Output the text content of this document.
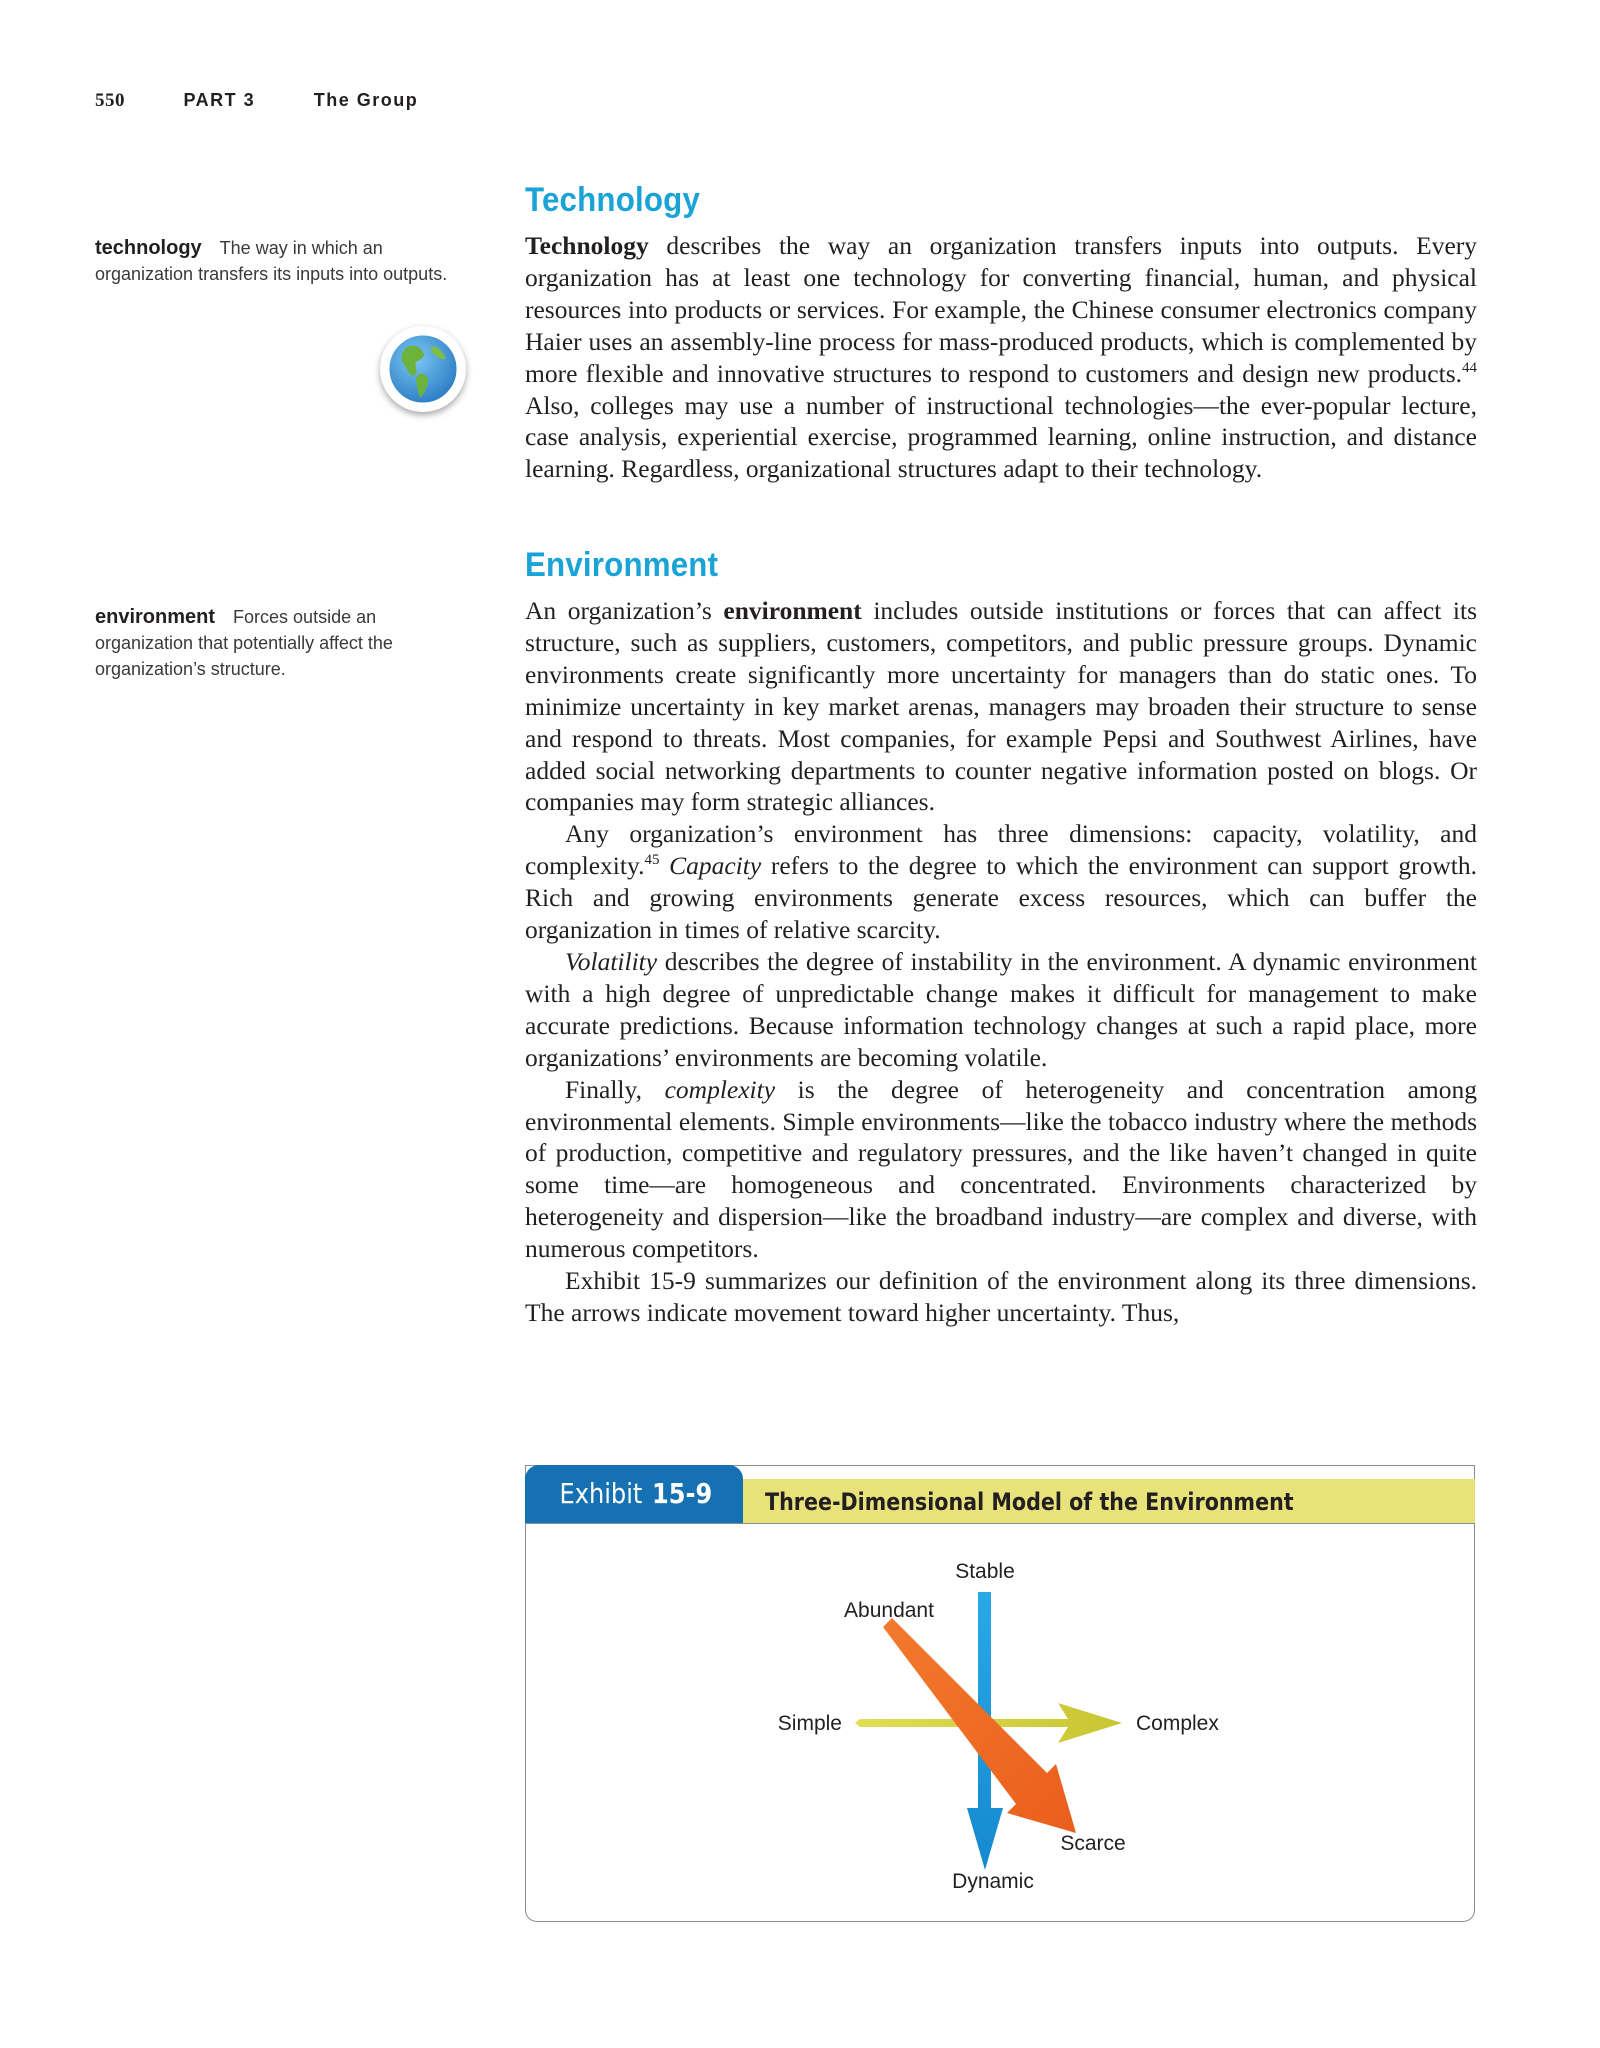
550	PART 3	The Group
technology The way in which an organization transfers its inputs into outputs.
environment Forces outside an organization that potentially affect the organization’s structure.
Technology

Technology describes the way an organization transfers inputs into outputs. Every organization has at least one technology for converting financial, human, and physical resources into products or services. For example, the Chinese consumer electronics company Haier uses an assembly-line process for mass-produced products, which is complemented by more flexible and innovative structures to respond to customers and design new products.$^{44}$ Also, colleges may use a number of instructional technologies—the ever-popular lecture, case analysis, experiential exercise, programmed learning, online instruction, and distance learning. Regardless, organizational structures adapt to their technology.

Environment

An organization’s environment includes outside institutions or forces that can affect its structure, such as suppliers, customers, competitors, and public pressure groups. Dynamic environments create significantly more uncertainty for managers than do static ones. To minimize uncertainty in key market arenas, managers may broaden their structure to sense and respond to threats. Most companies, for example Pepsi and Southwest Airlines, have added social networking departments to counter negative information posted on blogs. Or companies may form strategic alliances.

Any organization’s environment has three dimensions: capacity, volatility, and complexity.$^{45}$ Capacity refers to the degree to which the environment can support growth. Rich and growing environments generate excess resources, which can buffer the organization in times of relative scarcity.

Volatility describes the degree of instability in the environment. A dynamic environment with a high degree of unpredictable change makes it difficult for management to make accurate predictions. Because information technology changes at such a rapid place, more organizations’ environments are becoming volatile.

Finally, complexity is the degree of heterogeneity and concentration among environmental elements. Simple environments—like the tobacco industry where the methods of production, competitive and regulatory pressures, and the like haven’t changed in quite some time—are homogeneous and concentrated. Environments characterized by heterogeneity and dispersion—like the broadband industry—are complex and diverse, with numerous competitors.

Exhibit 15-9 summarizes our definition of the environment along its three dimensions. The arrows indicate movement toward higher uncertainty. Thus,

Exhibit 15-9	Three-Dimensional Model of the Environment
Stable
Abundant
Simple	Complex
Scarce
Dynamic
